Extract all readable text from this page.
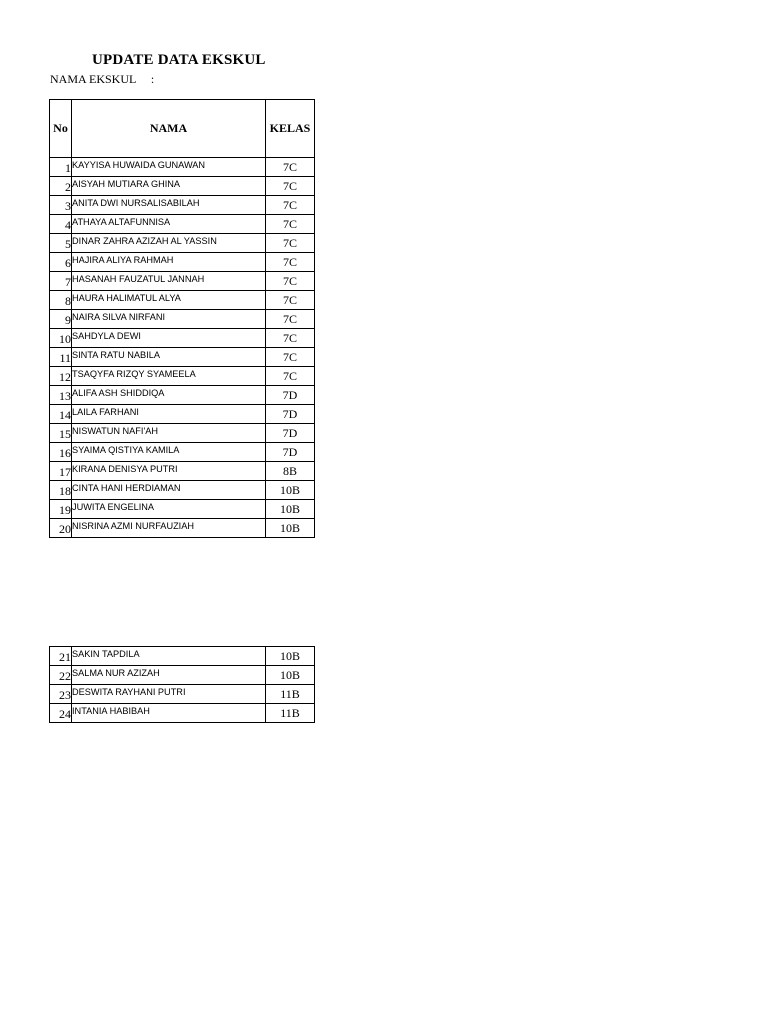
UPDATE DATA EKSKUL
NAMA EKSKUL :
No	NAMA	KELAS
1	KAYYISA HUWAIDA GUNAWAN	7C
2	AISYAH MUTIARA GHINA	7C
3	ANITA DWI NURSALISABILAH	7C
4	ATHAYA ALTAFUNNISA	7C
5	DINAR ZAHRA AZIZAH AL YASSIN	7C
6	HAJIRA ALIYA RAHMAH	7C
7	HASANAH FAUZATUL JANNAH	7C
8	HAURA HALIMATUL ALYA	7C
9	NAIRA SILVA NIRFANI	7C
10	SAHDYLA DEWI	7C
11	SINTA RATU NABILA	7C
12	TSAQYFA RIZQY SYAMEELA	7C
13	ALIFA ASH SHIDDIQA	7D
14	LAILA FARHANI	7D
15	NISWATUN NAFI'AH	7D
16	SYAIMA QISTIYA KAMILA	7D
17	KIRANA DENISYA PUTRI	8B
18	CINTA HANI HERDIAMAN	10B
19	JUWITA ENGELINA	10B
20	NISRINA AZMI NURFAUZIAH	10B
21	SAKIN TAPDILA	10B
22	SALMA NUR AZIZAH	10B
23	DESWITA RAYHANI PUTRI	11B
24	INTANIA HABIBAH	11B
